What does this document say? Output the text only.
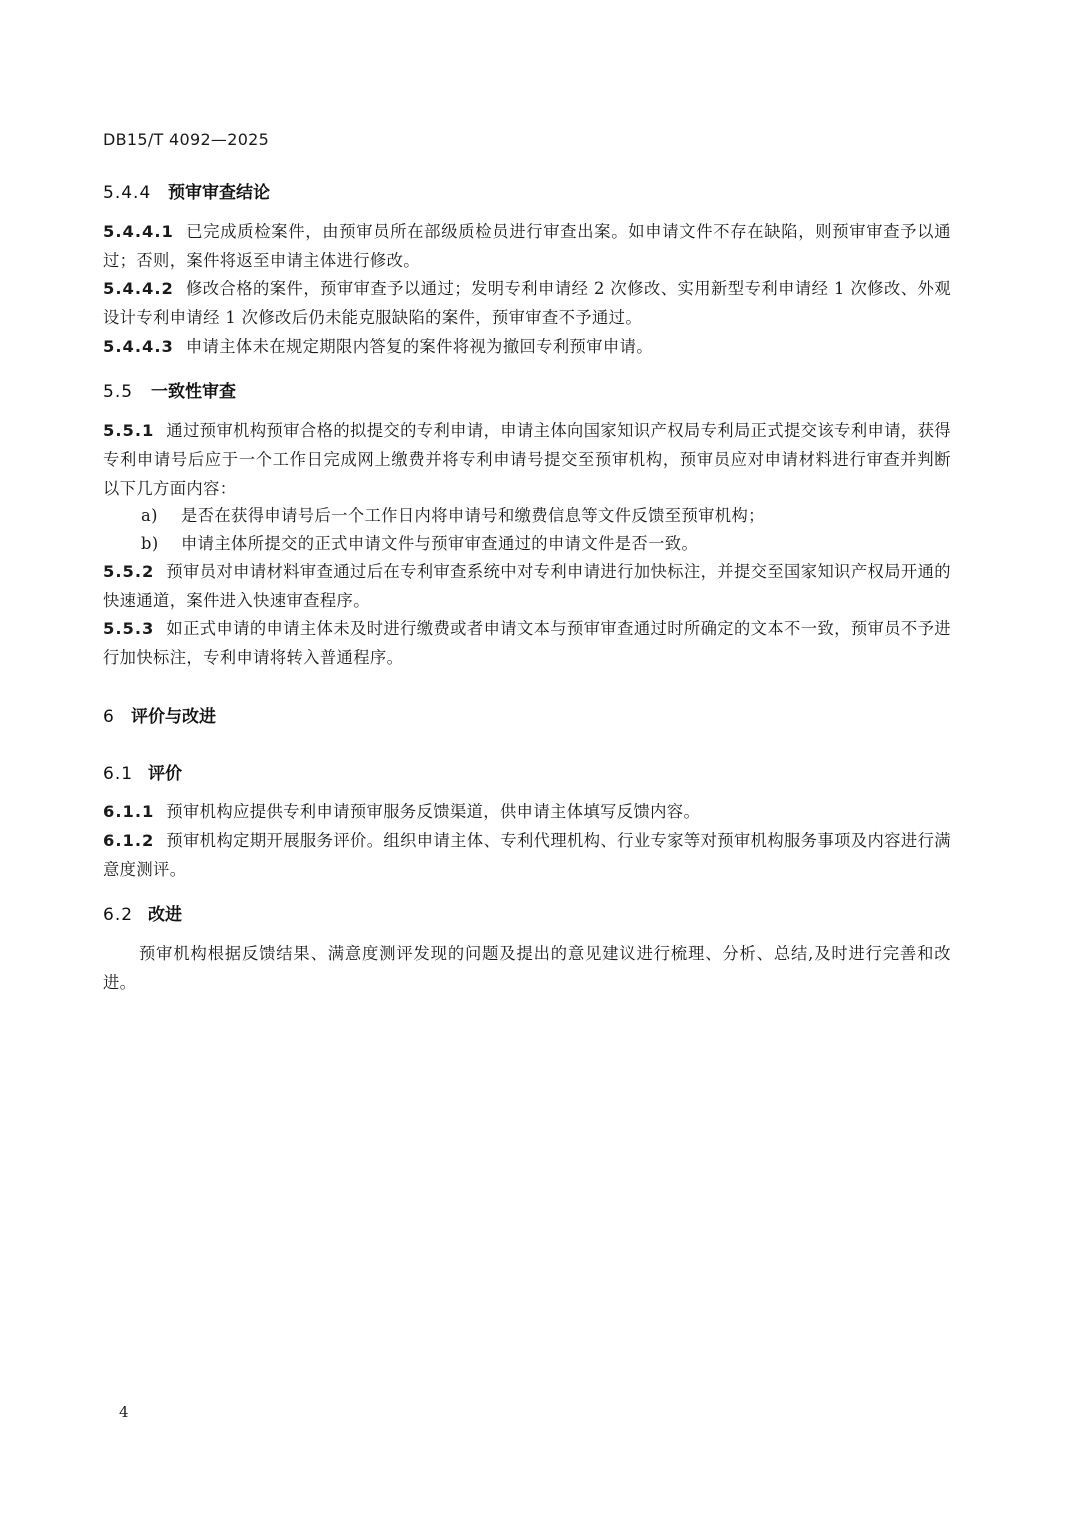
DB15/T 4092—2025
5.4.4 预审审查结论
5.4.4.1 已完成质检案件，由预审员所在部级质检员进行审查出案。如申请文件不存在缺陷，则预审审查予以通过；否则，案件将返至申请主体进行修改。
5.4.4.2 修改合格的案件，预审审查予以通过；发明专利申请经 2 次修改、实用新型专利申请经 1 次修改、外观设计专利申请经 1 次修改后仍未能克服缺陷的案件，预审审查不予通过。
5.4.4.3 申请主体未在规定期限内答复的案件将视为撤回专利预审申请。
5.5 一致性审查
5.5.1 通过预审机构预审合格的拟提交的专利申请，申请主体向国家知识产权局专利局正式提交该专利申请，获得专利申请号后应于一个工作日完成网上缴费并将专利申请号提交至预审机构，预审员应对申请材料进行审查并判断以下几方面内容：
a) 是否在获得申请号后一个工作日内将申请号和缴费信息等文件反馈至预审机构；
b) 申请主体所提交的正式申请文件与预审审查通过的申请文件是否一致。
5.5.2 预审员对申请材料审查通过后在专利审查系统中对专利申请进行加快标注，并提交至国家知识产权局开通的快速通道，案件进入快速审查程序。
5.5.3 如正式申请的申请主体未及时进行缴费或者申请文本与预审审查通过时所确定的文本不一致，预审员不予进行加快标注，专利申请将转入普通程序。
6 评价与改进
6.1 评价
6.1.1 预审机构应提供专利申请预审服务反馈渠道，供申请主体填写反馈内容。
6.1.2 预审机构定期开展服务评价。组织申请主体、专利代理机构、行业专家等对预审机构服务事项及内容进行满意度测评。
6.2 改进
预审机构根据反馈结果、满意度测评发现的问题及提出的意见建议进行梳理、分析、总结,及时进行完善和改进。
4
